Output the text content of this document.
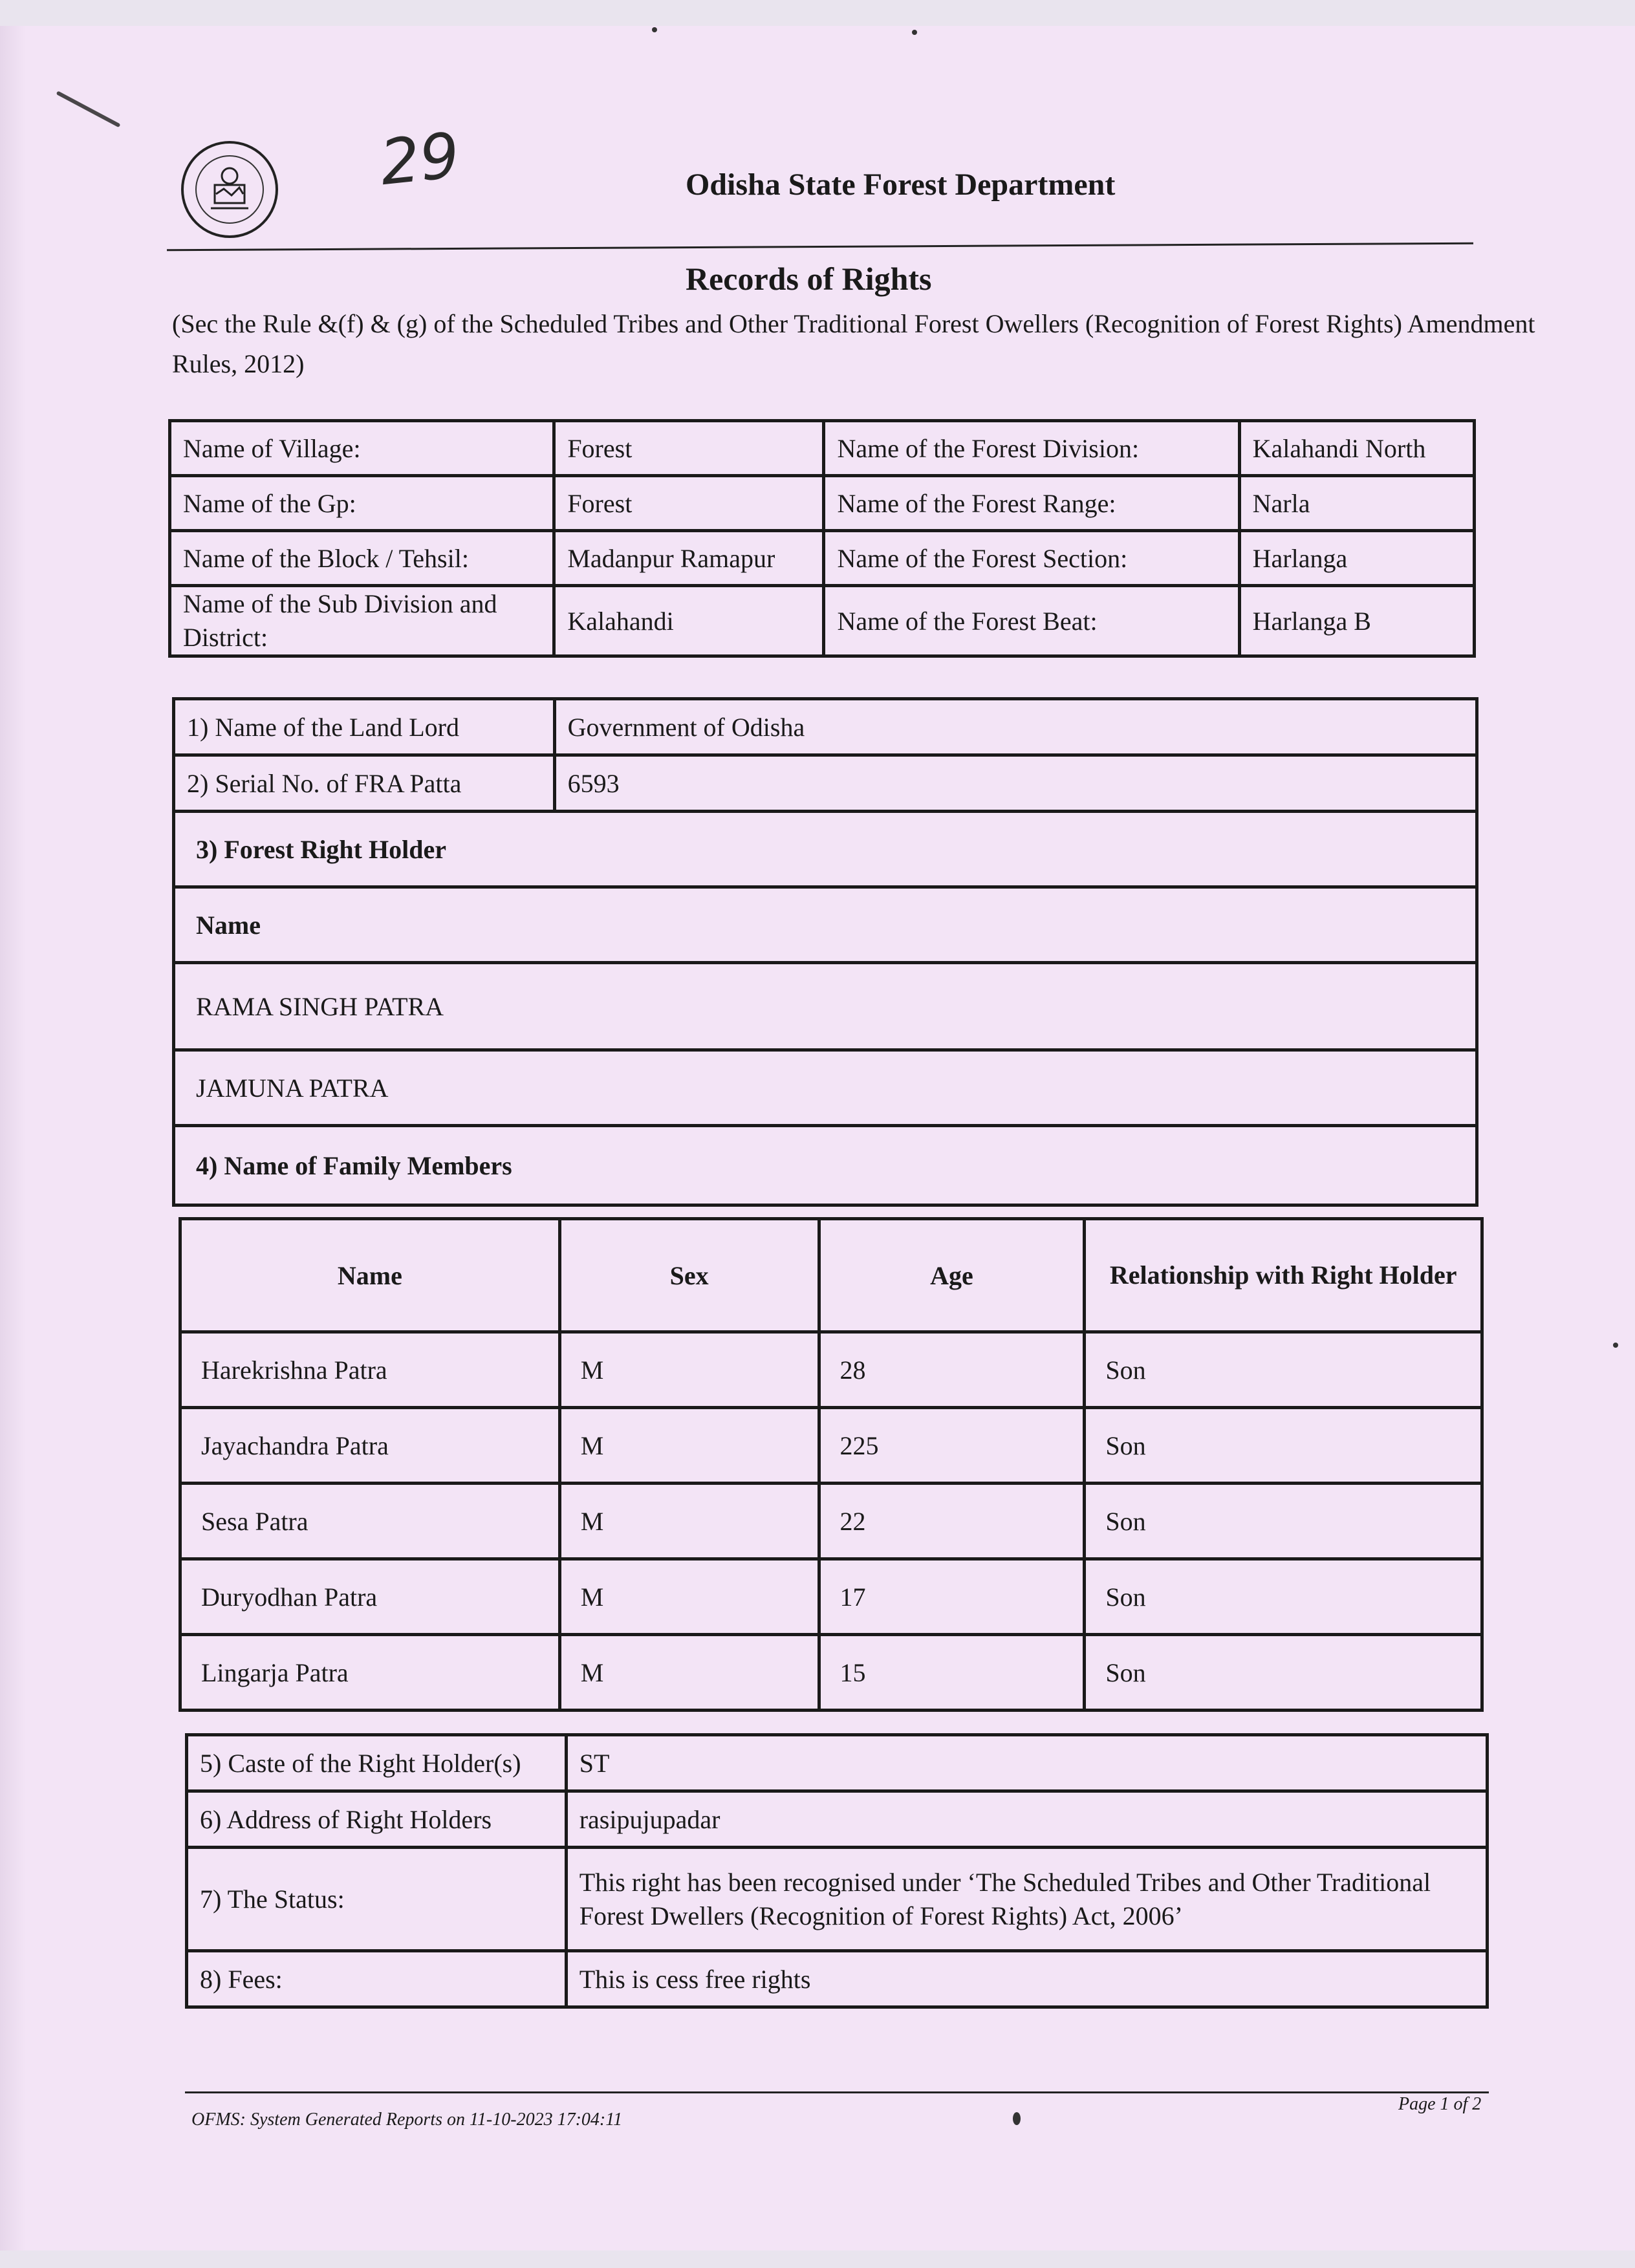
29	Odisha State Forest Department
Records of Rights
(Sec the Rule &(f) & (g) of the Scheduled Tribes and Other Traditional Forest Owellers (Recognition of Forest Rights) Amendment Rules, 2012)
Name of Village:	Forest	Name of the Forest Division:	Kalahandi North
Name of the Gp:	Forest	Name of the Forest Range:	Narla
Name of the Block / Tehsil:	Madanpur Ramapur	Name of the Forest Section:	Harlanga
Name of the Sub Division and District:	Kalahandi	Name of the Forest Beat:	Harlanga B
1) Name of the Land Lord	Government of Odisha
2) Serial No. of FRA Patta	6593
3) Forest Right Holder	
Name	
RAMA SINGH PATRA	
JAMUNA PATRA	
4) Name of Family Members	
Name	Sex	Age	Relationship with Right Holder
Harekrishna Patra	M	28	Son
Jayachandra Patra	M	225	Son
Sesa Patra	M	22	Son
Duryodhan Patra	M	17	Son
Lingarja Patra	M	15	Son
5) Caste of the Right Holder(s)	ST
6) Address of Right Holders	rasipujupadar
7) The Status:	This right has been recognised under ‘The Scheduled Tribes and Other Traditional
Forest Dwellers (Recognition of Forest Rights) Act, 2006’

8) Fees:	This is cess free rights
OFMS: System Generated Reports on 11-10-2023 17:04:11
Page 1 of 2
